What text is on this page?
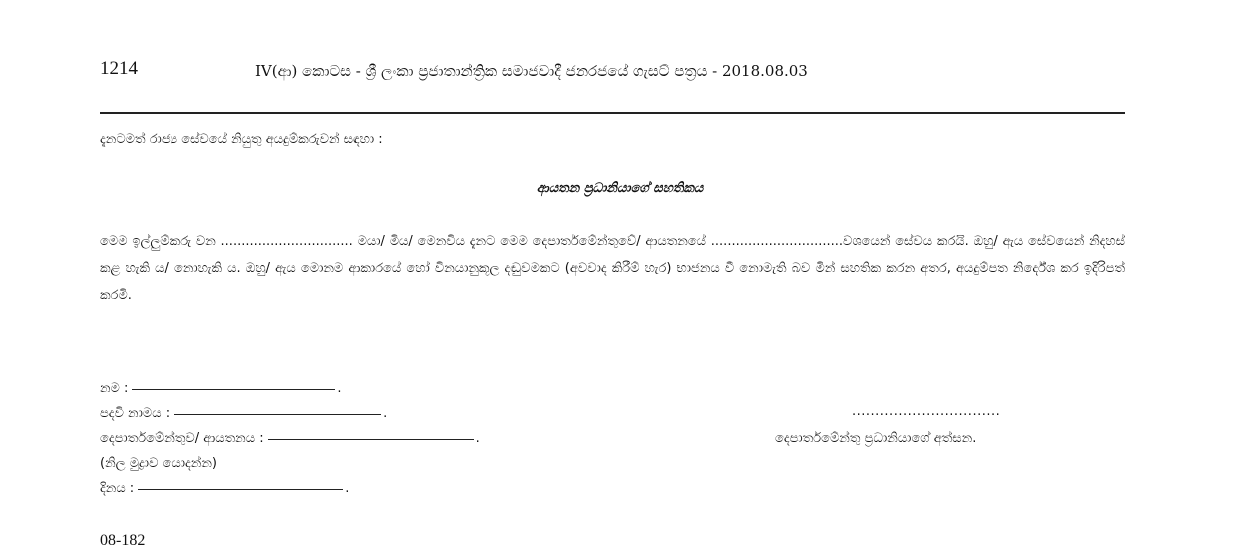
1214	IV(ආ) කොටස - ශ්‍රී ලංකා ප්‍රජාතාන්ත්‍රික සමාජවාදී ජනරජයේ ගැසට් පත්‍රය - 2018.08.03
දැනටමත් රාජ්‍ය සේවයේ නියුතු අයදුම්කරුවන් සඳහා :
ආයතන ප්‍රධානියාගේ සහතිකය
මෙම ඉල්ලුම්කරු වන ................................ මයා/ මිය/ මෙනවිය දැනට මෙම දෙපාර්තමේන්තුවේ/ ආයතනයේ ................................වශයෙන් සේවය කරයි. ඔහු/ ඇය සේවයෙන් නිදහස් කළ හැකි ය/ නොහැකි ය. ඔහු/ ඇය මොනම ආකාරයේ හෝ විනයානුකූල දඬුවමකට (අවවාද කිරීම් හැර) භාජනය වී නොමැති බව මින් සහතික කරන අතර, අයදුම්පත නිර්දේශ කර ඉදිරිපත් කරමි.
නම :	.
පදවි නාමය :	.
දෙපාර්තමේන්තුව/ ආයතනය :	.
(නිල මුද්‍රාව යොදන්න)
දිනය :	.
................................
දෙපාර්තමේන්තු ප්‍රධානියාගේ අත්සන.
08-182
